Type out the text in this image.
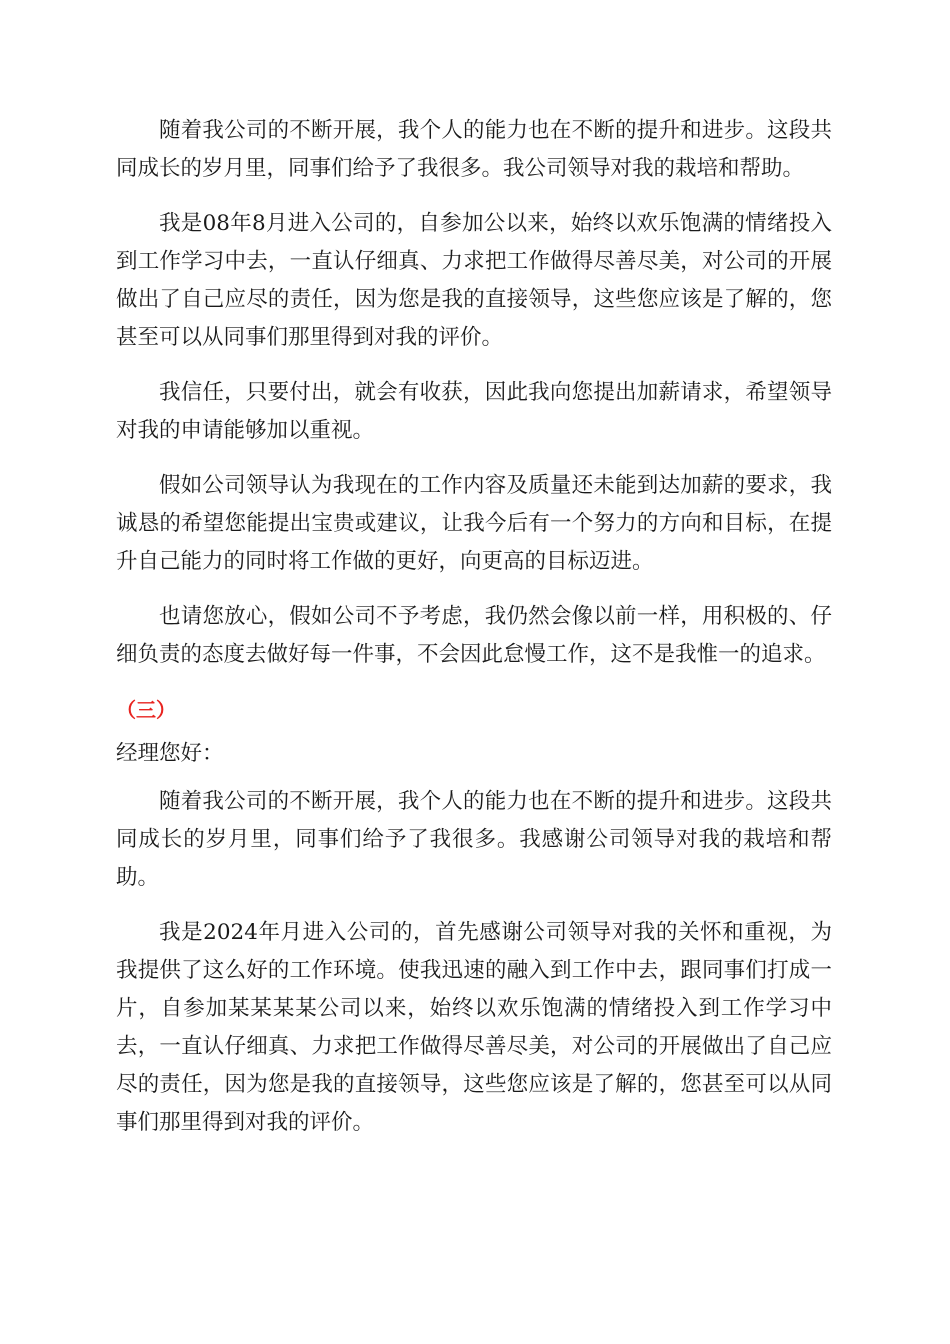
随着我公司的不断开展，我个人的能力也在不断的提升和进步。这段共同成长的岁月里，同事们给予了我很多。我公司领导对我的栽培和帮助。

我是08年8月进入公司的，自参加公以来，始终以欢乐饱满的情绪投入到工作学习中去，一直认仔细真、力求把工作做得尽善尽美，对公司的开展做出了自己应尽的责任，因为您是我的直接领导，这些您应该是了解的，您甚至可以从同事们那里得到对我的评价。

我信任，只要付出，就会有收获，因此我向您提出加薪请求，希望领导对我的申请能够加以重视。

假如公司领导认为我现在的工作内容及质量还未能到达加薪的要求，我诚恳的希望您能提出宝贵或建议，让我今后有一个努力的方向和目标，在提升自己能力的同时将工作做的更好，向更高的目标迈进。

也请您放心，假如公司不予考虑，我仍然会像以前一样，用积极的、仔细负责的态度去做好每一件事，不会因此怠慢工作，这不是我惟一的追求。

（三）

经理您好：

随着我公司的不断开展，我个人的能力也在不断的提升和进步。这段共同成长的岁月里，同事们给予了我很多。我感谢公司领导对我的栽培和帮助。

我是2024年月进入公司的，首先感谢公司领导对我的关怀和重视，为我提供了这么好的工作环境。使我迅速的融入到工作中去，跟同事们打成一片，自参加某某某某公司以来，始终以欢乐饱满的情绪投入到工作学习中去，一直认仔细真、力求把工作做得尽善尽美，对公司的开展做出了自己应尽的责任，因为您是我的直接领导，这些您应该是了解的，您甚至可以从同事们那里得到对我的评价。
